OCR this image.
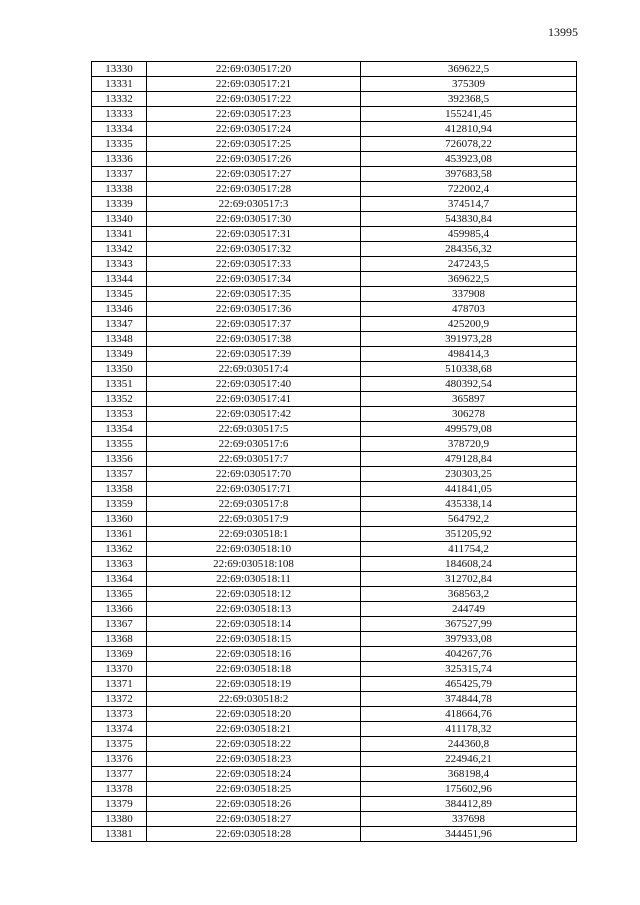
13995
13330	22:69:030517:20	369622,5
13331	22:69:030517:21	375309
13332	22:69:030517:22	392368,5
13333	22:69:030517:23	155241,45
13334	22:69:030517:24	412810,94
13335	22:69:030517:25	726078,22
13336	22:69:030517:26	453923,08
13337	22:69:030517:27	397683,58
13338	22:69:030517:28	722002,4
13339	22:69:030517:3	374514,7
13340	22:69:030517:30	543830,84
13341	22:69:030517:31	459985,4
13342	22:69:030517:32	284356,32
13343	22:69:030517:33	247243,5
13344	22:69:030517:34	369622,5
13345	22:69:030517:35	337908
13346	22:69:030517:36	478703
13347	22:69:030517:37	425200,9
13348	22:69:030517:38	391973,28
13349	22:69:030517:39	498414,3
13350	22:69:030517:4	510338,68
13351	22:69:030517:40	480392,54
13352	22:69:030517:41	365897
13353	22:69:030517:42	306278
13354	22:69:030517:5	499579,08
13355	22:69:030517:6	378720,9
13356	22:69:030517:7	479128,84
13357	22:69:030517:70	230303,25
13358	22:69:030517:71	441841,05
13359	22:69:030517:8	435338,14
13360	22:69:030517:9	564792,2
13361	22:69:030518:1	351205,92
13362	22:69:030518:10	411754,2
13363	22:69:030518:108	184608,24
13364	22:69:030518:11	312702,84
13365	22:69:030518:12	368563,2
13366	22:69:030518:13	244749
13367	22:69:030518:14	367527,99
13368	22:69:030518:15	397933,08
13369	22:69:030518:16	404267,76
13370	22:69:030518:18	325315,74
13371	22:69:030518:19	465425,79
13372	22:69:030518:2	374844,78
13373	22:69:030518:20	418664,76
13374	22:69:030518:21	411178,32
13375	22:69:030518:22	244360,8
13376	22:69:030518:23	224946,21
13377	22:69:030518:24	368198,4
13378	22:69:030518:25	175602,96
13379	22:69:030518:26	384412,89
13380	22:69:030518:27	337698
13381	22:69:030518:28	344451,96
